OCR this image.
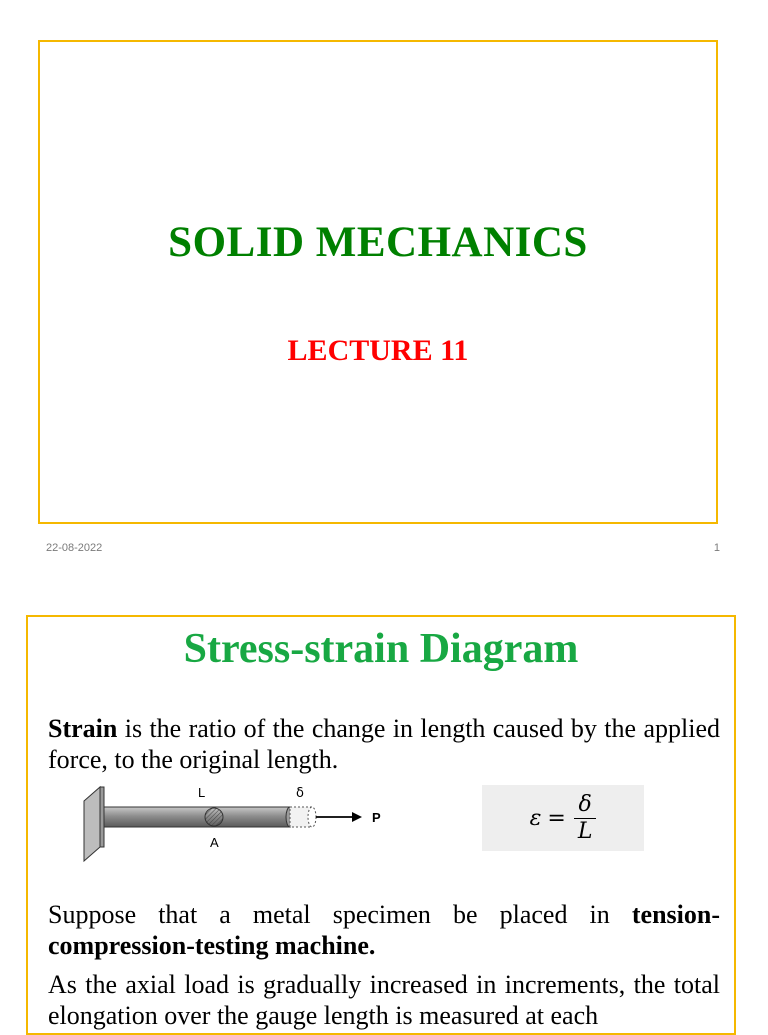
SOLID MECHANICS
LECTURE 11
22-08-2022	1
Stress-strain Diagram
Strain is the ratio of the change in length caused by the applied force, to the original length.
L	δ
A
P	$\varepsilon = \frac{\delta}{L}$
Suppose that a metal specimen be placed in tension-compression-testing machine.
As the axial load is gradually increased in increments, the total elongation over the gauge length is measured at each
